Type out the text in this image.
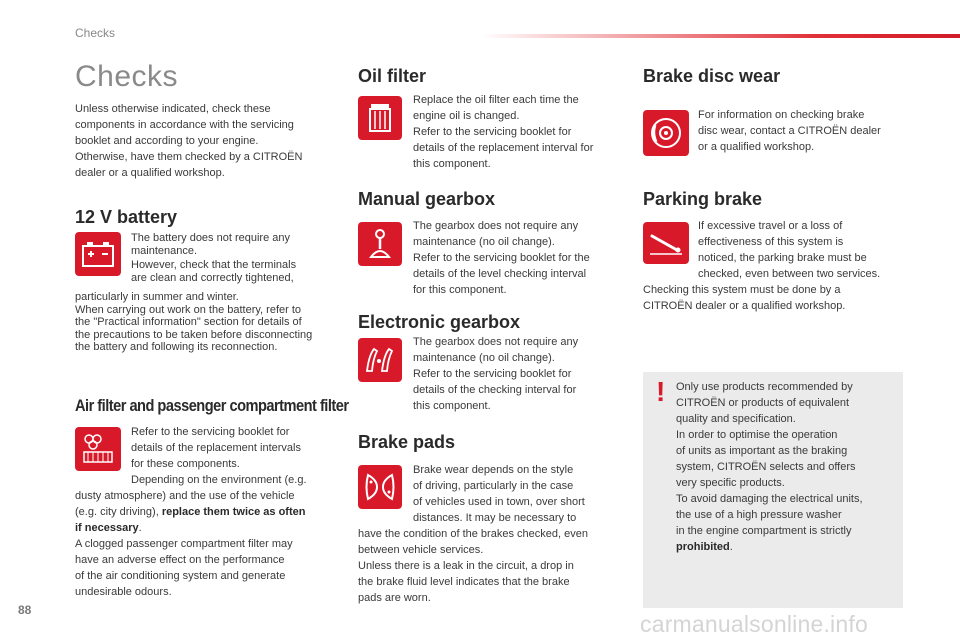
Checks
Checks
Unless otherwise indicated, check these
components in accordance with the servicing
booklet and according to your engine.
Otherwise, have them checked by a CITROËN
dealer or a qualified workshop.
12 V battery
The battery does not require any
maintenance.
However, check that the terminals
are clean and correctly tightened,
particularly in summer and winter.
When carrying out work on the battery, refer to
the "Practical information" section for details of
the precautions to be taken before disconnecting
the battery and following its reconnection.
Air filter and passenger compartment filter
Refer to the servicing booklet for
details of the replacement intervals
for these components.
Depending on the environment (e.g.
dusty atmosphere) and the use of the vehicle
(e.g. city driving), replace them twice as often
if necessary.
A clogged passenger compartment filter may
have an adverse effect on the performance
of the air conditioning system and generate
undesirable odours.
Oil filter
Replace the oil filter each time the
engine oil is changed.
Refer to the servicing booklet for
details of the replacement interval for
this component.
Manual gearbox
The gearbox does not require any
maintenance (no oil change).
Refer to the servicing booklet for the
details of the level checking interval
for this component.
Electronic gearbox
The gearbox does not require any
maintenance (no oil change).
Refer to the servicing booklet for
details of the checking interval for
this component.
Brake pads
Brake wear depends on the style
of driving, particularly in the case
of vehicles used in town, over short
distances. It may be necessary to
have the condition of the brakes checked, even
between vehicle services.
Unless there is a leak in the circuit, a drop in
the brake fluid level indicates that the brake
pads are worn.
Brake disc wear
For information on checking brake
disc wear, contact a CITROËN dealer
or a qualified workshop.
Parking brake
If excessive travel or a loss of
effectiveness of this system is
noticed, the parking brake must be
checked, even between two services.
Checking this system must be done by a
CITROËN dealer or a qualified workshop.
! Only use products recommended by
CITROËN or products of equivalent
quality and specification.
In order to optimise the operation
of units as important as the braking
system, CITROËN selects and offers
very specific products.
To avoid damaging the electrical units,
the use of a high pressure washer
in the engine compartment is strictly
prohibited.
88
carmanualsonline.info
